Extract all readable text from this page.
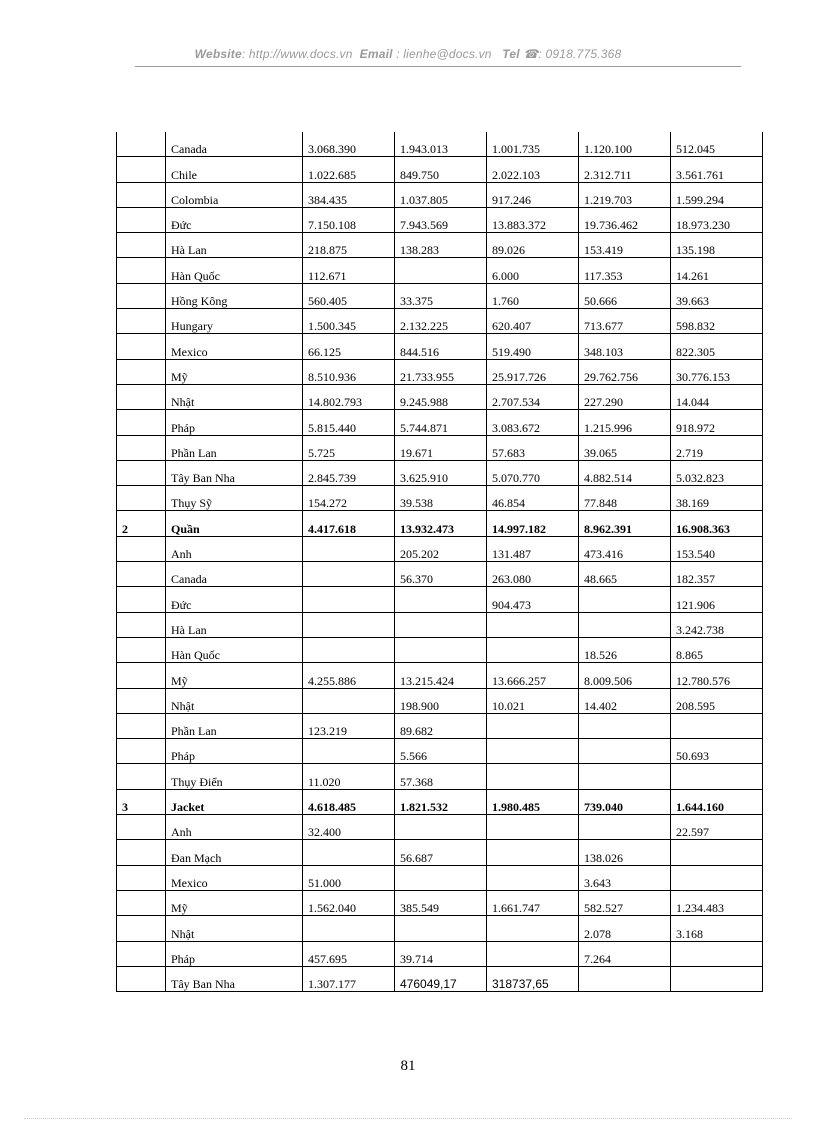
Website: http://www.docs.vn Email : lienhe@docs.vn Tel ☎: 0918.775.368
	Canada	3.068.390	1.943.013	1.001.735	1.120.100	512.045
	Chile	1.022.685	849.750	2.022.103	2.312.711	3.561.761
	Colombia	384.435	1.037.805	917.246	1.219.703	1.599.294
	Đức	7.150.108	7.943.569	13.883.372	19.736.462	18.973.230
	Hà Lan	218.875	138.283	89.026	153.419	135.198
	Hàn Quốc	112.671		6.000	117.353	14.261
	Hồng Kông	560.405	33.375	1.760	50.666	39.663
	Hungary	1.500.345	2.132.225	620.407	713.677	598.832
	Mexico	66.125	844.516	519.490	348.103	822.305
	Mỹ	8.510.936	21.733.955	25.917.726	29.762.756	30.776.153
	Nhật	14.802.793	9.245.988	2.707.534	227.290	14.044
	Pháp	5.815.440	5.744.871	3.083.672	1.215.996	918.972
	Phần Lan	5.725	19.671	57.683	39.065	2.719
	Tây Ban Nha	2.845.739	3.625.910	5.070.770	4.882.514	5.032.823
	Thụy Sỹ	154.272	39.538	46.854	77.848	38.169
2	Quần	4.417.618	13.932.473	14.997.182	8.962.391	16.908.363
	Anh		205.202	131.487	473.416	153.540
	Canada		56.370	263.080	48.665	182.357
	Đức			904.473		121.906
	Hà Lan					3.242.738
	Hàn Quốc				18.526	8.865
	Mỹ	4.255.886	13.215.424	13.666.257	8.009.506	12.780.576
	Nhật		198.900	10.021	14.402	208.595
	Phần Lan	123.219	89.682			
	Pháp		5.566			50.693
	Thụy Điển	11.020	57.368			
3	Jacket	4.618.485	1.821.532	1.980.485	739.040	1.644.160
	Anh	32.400				22.597
	Đan Mạch		56.687		138.026	
	Mexico	51.000			3.643	
	Mỹ	1.562.040	385.549	1.661.747	582.527	1.234.483
	Nhật				2.078	3.168
	Pháp	457.695	39.714		7.264	
	Tây Ban Nha	1.307.177	476049,17	318737,65		
81
